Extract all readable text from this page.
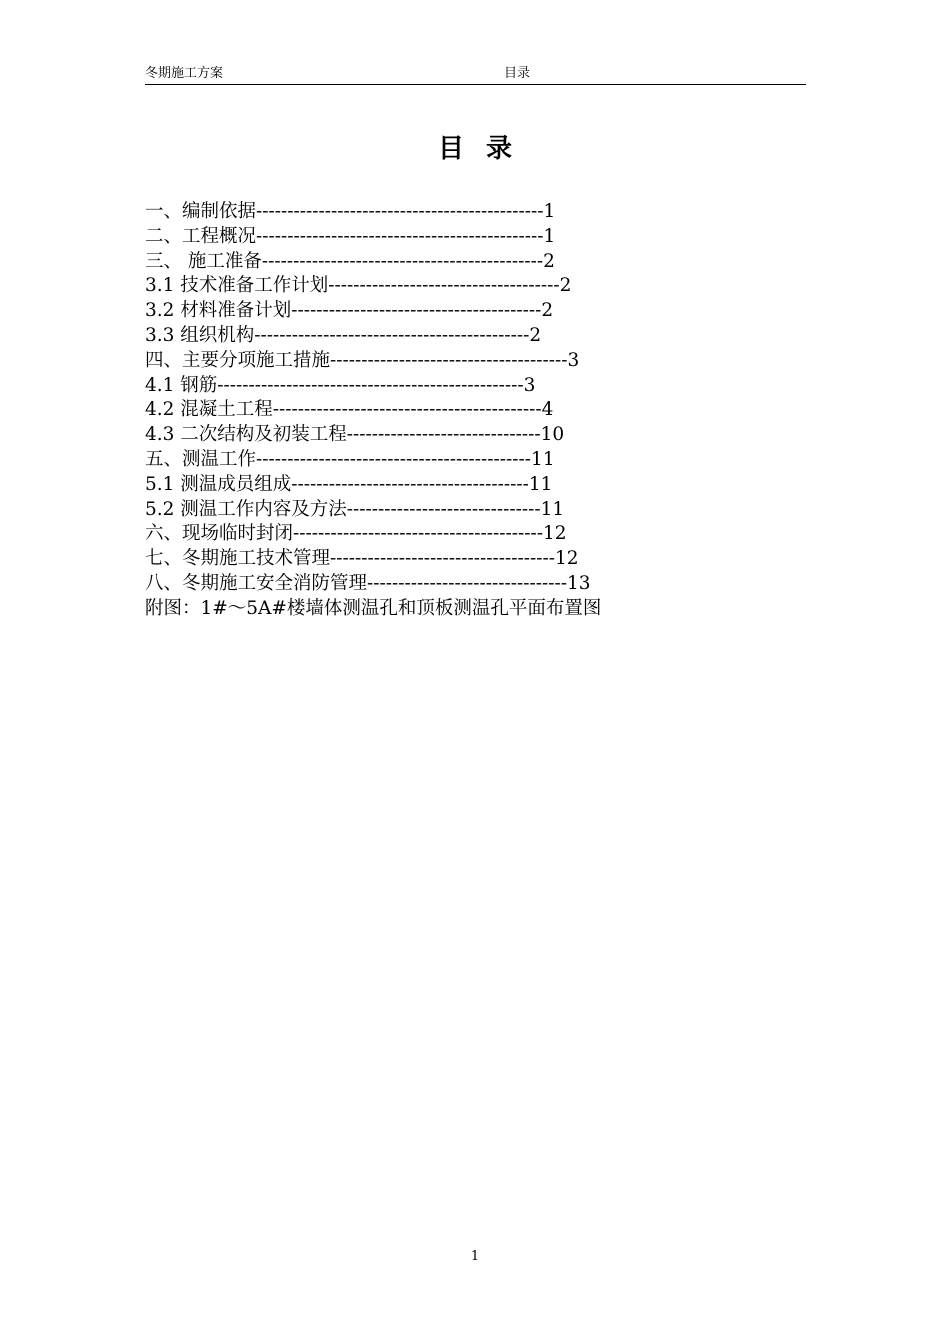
冬期施工方案	目录
目录
一、编制依据----------------------------------------------1
二、工程概况----------------------------------------------1
三、 施工准备---------------------------------------------2
3.1 技术准备工作计划-------------------------------------2
3.2 材料准备计划----------------------------------------2
3.3 组织机构--------------------------------------------2
四、主要分项施工措施--------------------------------------3
4.1 钢筋-------------------------------------------------3
4.2 混凝土工程-------------------------------------------4
4.3 二次结构及初装工程-------------------------------10
五、测温工作--------------------------------------------11
5.1 测温成员组成--------------------------------------11
5.2 测温工作内容及方法-------------------------------11
六、现场临时封闭----------------------------------------12
七、冬期施工技术管理------------------------------------12
八、冬期施工安全消防管理--------------------------------13
附图：1#～5A#楼墙体测温孔和顶板测温孔平面布置图
1
